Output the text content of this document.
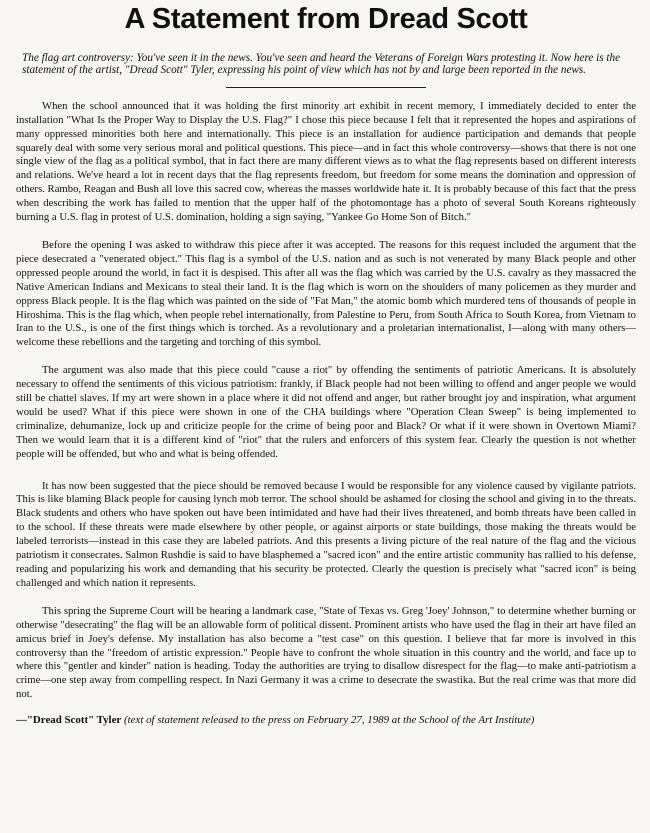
A Statement from Dread Scott

The flag art controversy: You've seen it in the news. You've seen and heard the Veterans of Foreign Wars protesting it. Now here is the statement of the artist, "Dread Scott" Tyler, expressing his point of view which has not by and large been reported in the news.

When the school announced that it was holding the first minority art exhibit in recent memory, I immediately decided to enter the installation "What Is the Proper Way to Display the U.S. Flag?" I chose this piece because I felt that it represented the hopes and aspirations of many oppressed minorities both here and internationally. This piece is an installation for audience participation and demands that people squarely deal with some very serious moral and political questions. This piece—and in fact this whole controversy—shows that there is not one single view of the flag as a political symbol, that in fact there are many different views as to what the flag represents based on different interests and relations. We've heard a lot in recent days that the flag represents freedom, but freedom for some means the domination and oppression of others. Rambo, Reagan and Bush all love this sacred cow, whereas the masses worldwide hate it. It is probably because of this fact that the press when describing the work has failed to mention that the upper half of the photomontage has a photo of several South Koreans righteously burning a U.S. flag in protest of U.S. domination, holding a sign saying, "Yankee Go Home Son of Bitch."

Before the opening I was asked to withdraw this piece after it was accepted. The reasons for this request included the argument that the piece desecrated a "venerated object." This flag is a symbol of the U.S. nation and as such is not venerated by many Black people and other oppressed people around the world, in fact it is despised. This after all was the flag which was carried by the U.S. cavalry as they massacred the Native American Indians and Mexicans to steal their land. It is the flag which is worn on the shoulders of many policemen as they murder and oppress Black people. It is the flag which was painted on the side of "Fat Man," the atomic bomb which murdered tens of thousands of people in Hiroshima. This is the flag which, when people rebel internationally, from Palestine to Peru, from South Africa to South Korea, from Vietnam to Iran to the U.S., is one of the first things which is torched. As a revolutionary and a proletarian internationalist, I—along with many others—welcome these rebellions and the targeting and torching of this symbol.

The argument was also made that this piece could "cause a riot" by offending the sentiments of patriotic Americans. It is absolutely necessary to offend the sentiments of this vicious patriotism: frankly, if Black people had not been willing to offend and anger people we would still be chattel slaves. If my art were shown in a place where it did not offend and anger, but rather brought joy and inspiration, what argument would be used? What if this piece were shown in one of the CHA buildings where "Operation Clean Sweep" is being implemented to criminalize, dehumanize, lock up and criticize people for the crime of being poor and Black? Or what if it were shown in Overtown Miami? Then we would learn that it is a different kind of "riot" that the rulers and enforcers of this system fear. Clearly the question is not whether people will be offended, but who and what is being offended.

It has now been suggested that the piece should be removed because I would be responsible for any violence caused by vigilante patriots. This is like blaming Black people for causing lynch mob terror. The school should be ashamed for closing the school and giving in to the threats. Black students and others who have spoken out have been intimidated and have had their lives threatened, and bomb threats have been called in to the school. If these threats were made elsewhere by other people, or against airports or state buildings, those making the threats would be labeled terrorists—instead in this case they are labeled patriots. And this presents a living picture of the real nature of the flag and the vicious patriotism it consecrates. Salmon Rushdie is said to have blasphemed a "sacred icon" and the entire artistic community has rallied to his defense, reading and popularizing his work and demanding that his security be protected. Clearly the question is precisely what "sacred icon" is being challenged and which nation it represents.

This spring the Supreme Court will be hearing a landmark case, "State of Texas vs. Greg 'Joey' Johnson," to determine whether burning or otherwise "desecrating" the flag will be an allowable form of political dissent. Prominent artists who have used the flag in their art have filed an amicus brief in Joey's defense. My installation has also become a "test case" on this question. I believe that far more is involved in this controversy than the "freedom of artistic expression." People have to confront the whole situation in this country and the world, and face up to where this "gentler and kinder" nation is heading. Today the authorities are trying to disallow disrespect for the flag—to make anti-patriotism a crime—one step away from compelling respect. In Nazi Germany it was a crime to desecrate the swastika. But the real crime was that more did not.

—"Dread Scott" Tyler (text of statement released to the press on February 27, 1989 at the School of the Art Institute)
